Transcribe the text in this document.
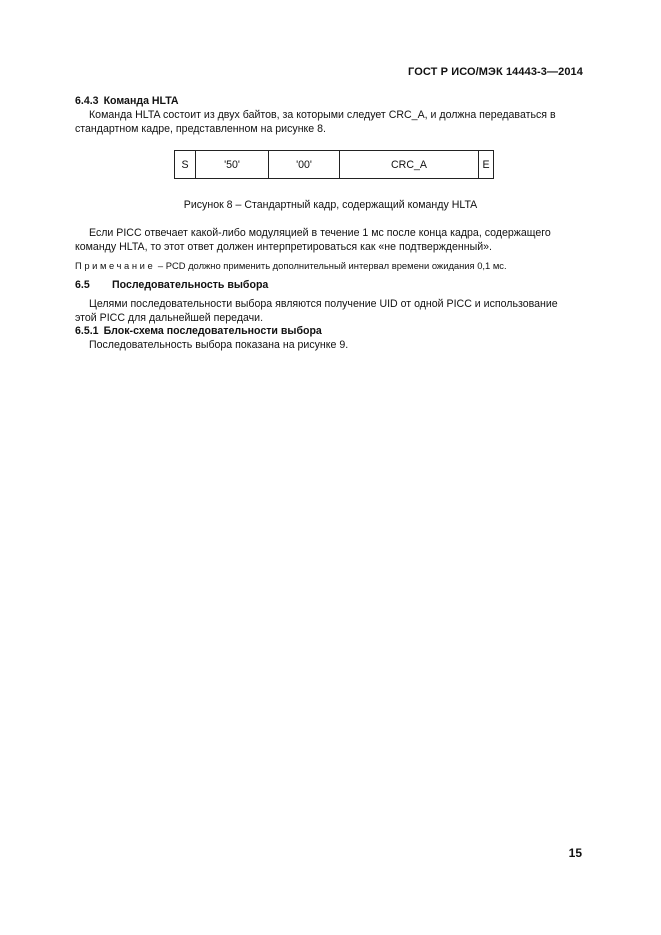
ГОСТ Р ИСО/МЭК 14443-3—2014
6.4.3 Команда HLTA
Команда HLTA состоит из двух байтов, за которыми следует CRC_A, и должна передаваться в
стандартном кадре, представленном на рисунке 8.
S	'50'	'00'	CRC_A	E
Рисунок 8 – Стандартный кадр, содержащий команду HLTA
Если PICC отвечает какой-либо модуляцией в течение 1 мс после конца кадра, содержащего
команду HLTA, то этот ответ должен интерпретироваться как «не подтвержденный».
Примечание – PCD должно применить дополнительный интервал времени ожидания 0,1 мс.
6.5 Последовательность выбора
Целями последовательности выбора являются получение UID от одной PICC и использование
этой PICC для дальнейшей передачи.
6.5.1 Блок-схема последовательности выбора
Последовательность выбора показана на рисунке 9.
15
